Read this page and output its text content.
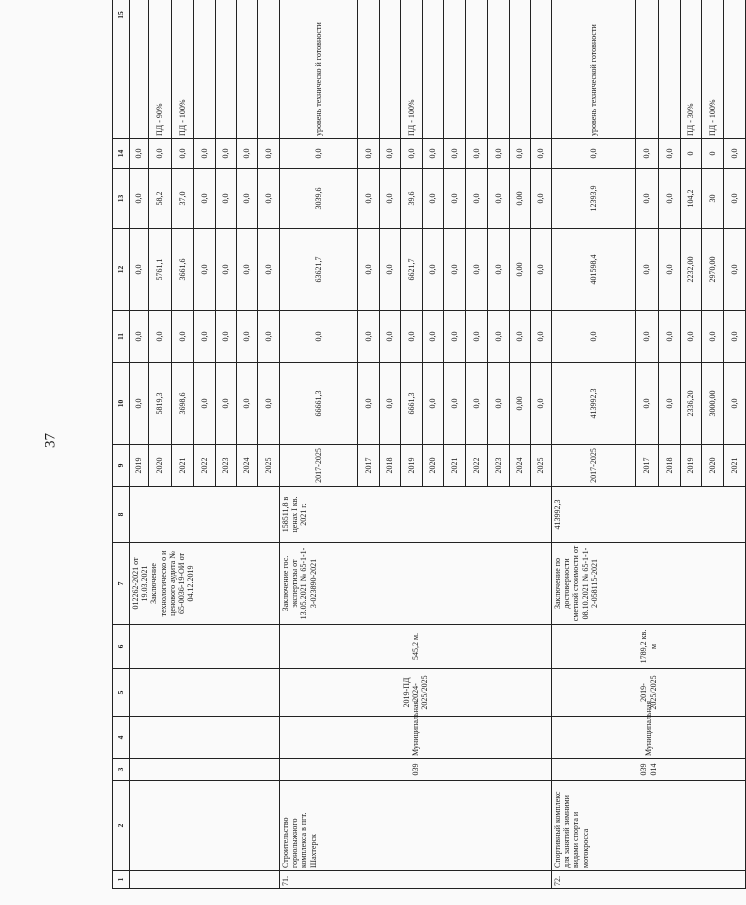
37
1	2	3	4	5	6	7	8	9	10	11	12	13	14	15
						012262-2021 от 19.03.2021 Заключение технологическо о и ценового аудита № 65-0036-19-ОИ от 04.12.2019		2019	0,0	0,0	0,0	0,0	0,0	
								2020	5819,3	0,0	5761,1	58,2	0,0	ПД - 90%
								2021	3698,6	0,0	3661,6	37,0	0,0	ПД - 100%
								2022	0,0	0,0	0,0	0,0	0,0	
								2023	0,0	0,0	0,0	0,0	0,0	
								2024	0,0	0,0	0,0	0,0	0,0	
								2025	0,0	0,0	0,0	0,0	0,0	
71.	Строительство горнолыжного комплекса в пгт. Шахтерск	039	Муниципальная	2019-ПД 2024-2025/2025	545,2 м.	Заключение гос. экспертизы от 13.05.2021 № 65-1-1-3-023890-2021	158511,8 в ценах I кв. 2021 г.	2017-2025	66661,3	0,0	63621,7	3039,6	0,0	уровень техническо й готовности
								2017	0,0	0,0	0,0	0,0	0,0	
								2018	0,0	0,0	0,0	0,0	0,0	
								2019	6661,3	0,0	6621,7	39,6	0,0	ПД - 100%
								2020	0,0	0,0	0,0	0,0	0,0	
								2021	0,0	0,0	0,0	0,0	0,0	
								2022	0,0	0,0	0,0	0,0	0,0	
								2023	0,0	0,0	0,0	0,0	0,0	
								2024	0,00	0,0	0,00	0,00	0,0	
								2025	0,0	0,0	0,0	0,0	0,0	
72.	Спортивный комплекс для занятий зимними видами спорта и мотокросса	039 014	Муниципальная	2019-2025/2025	1789,2 кв. м	Заключение по достоверности сметной стоимости от 08.10.2021 № 65-1-1-2-058115-2021	413992,3	2017-2025	413992,3	0,0	401598,4	12393,9	0,0	уровень технической готовности
								2017	0,0	0,0	0,0	0,0	0,0	
								2018	0,0	0,0	0,0	0,0	0,0	
								2019	2336,20	0,0	2232,00	104,2	0	ПД - 30%
								2020	3000,00	0,0	2970,00	30	0	ПД - 100%
								2021	0,0	0,0	0,0	0,0	0,0	
